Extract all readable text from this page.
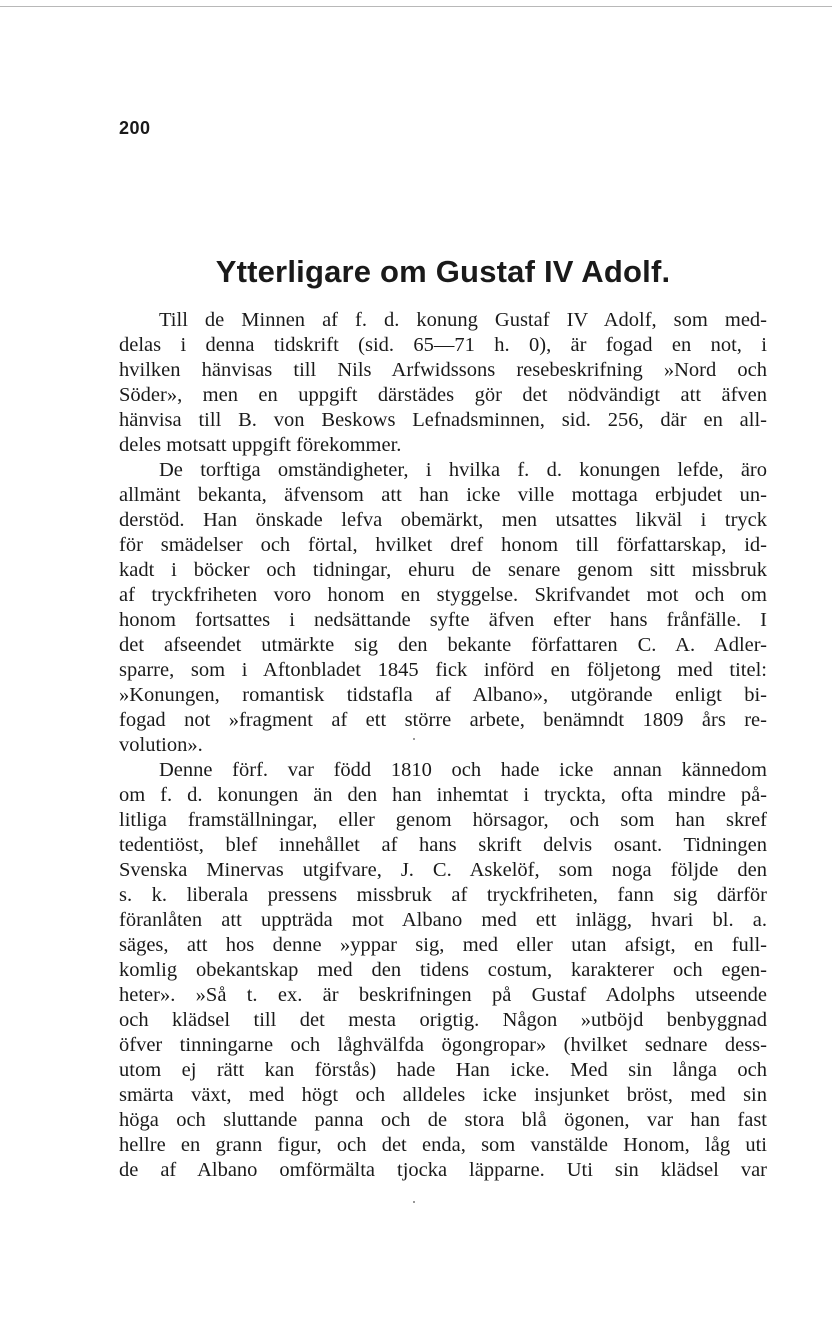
200
Ytterligare om Gustaf IV Adolf.
Till de Minnen af f. d. konung Gustaf IV Adolf, som med-
delas i denna tidskrift (sid. 65—71 h. 0), är fogad en not, i
hvilken hänvisas till Nils Arfwidssons resebeskrifning »Nord och
Söder», men en uppgift därstädes gör det nödvändigt att äfven
hänvisa till B. von Beskows Lefnadsminnen, sid. 256, där en all-
deles motsatt uppgift förekommer.
De torftiga omständigheter, i hvilka f. d. konungen lefde, äro
allmänt bekanta, äfvensom att han icke ville mottaga erbjudet un-
derstöd. Han önskade lefva obemärkt, men utsattes likväl i tryck
för smädelser och förtal, hvilket dref honom till författarskap, id-
kadt i böcker och tidningar, ehuru de senare genom sitt missbruk
af tryckfriheten voro honom en styggelse. Skrifvandet mot och om
honom fortsattes i nedsättande syfte äfven efter hans frånfälle. I
det afseendet utmärkte sig den bekante författaren C. A. Adler-
sparre, som i Aftonbladet 1845 fick införd en följetong med titel:
»Konungen, romantisk tidstafla af Albano», utgörande enligt bi-
fogad not »fragment af ett större arbete, benämndt 1809 års re-
volution».
Denne förf. var född 1810 och hade icke annan kännedom
om f. d. konungen än den han inhemtat i tryckta, ofta mindre på-
litliga framställningar, eller genom hörsagor, och som han skref
tedentiöst, blef innehållet af hans skrift delvis osant. Tidningen
Svenska Minervas utgifvare, J. C. Askelöf, som noga följde den
s. k. liberala pressens missbruk af tryckfriheten, fann sig därför
föranlåten att uppträda mot Albano med ett inlägg, hvari bl. a.
säges, att hos denne »yppar sig, med eller utan afsigt, en full-
komlig obekantskap med den tidens costum, karakterer och egen-
heter». »Så t. ex. är beskrifningen på Gustaf Adolphs utseende
och klädsel till det mesta origtig. Någon »utböjd benbyggnad
öfver tinningarne och låghvälfda ögongropar» (hvilket sednare dess-
utom ej rätt kan förstås) hade Han icke. Med sin långa och
smärta växt, med högt och alldeles icke insjunket bröst, med sin
höga och sluttande panna och de stora blå ögonen, var han fast
hellre en grann figur, och det enda, som vanstälde Honom, låg uti
de af Albano omförmälta tjocka läpparne. Uti sin klädsel var
